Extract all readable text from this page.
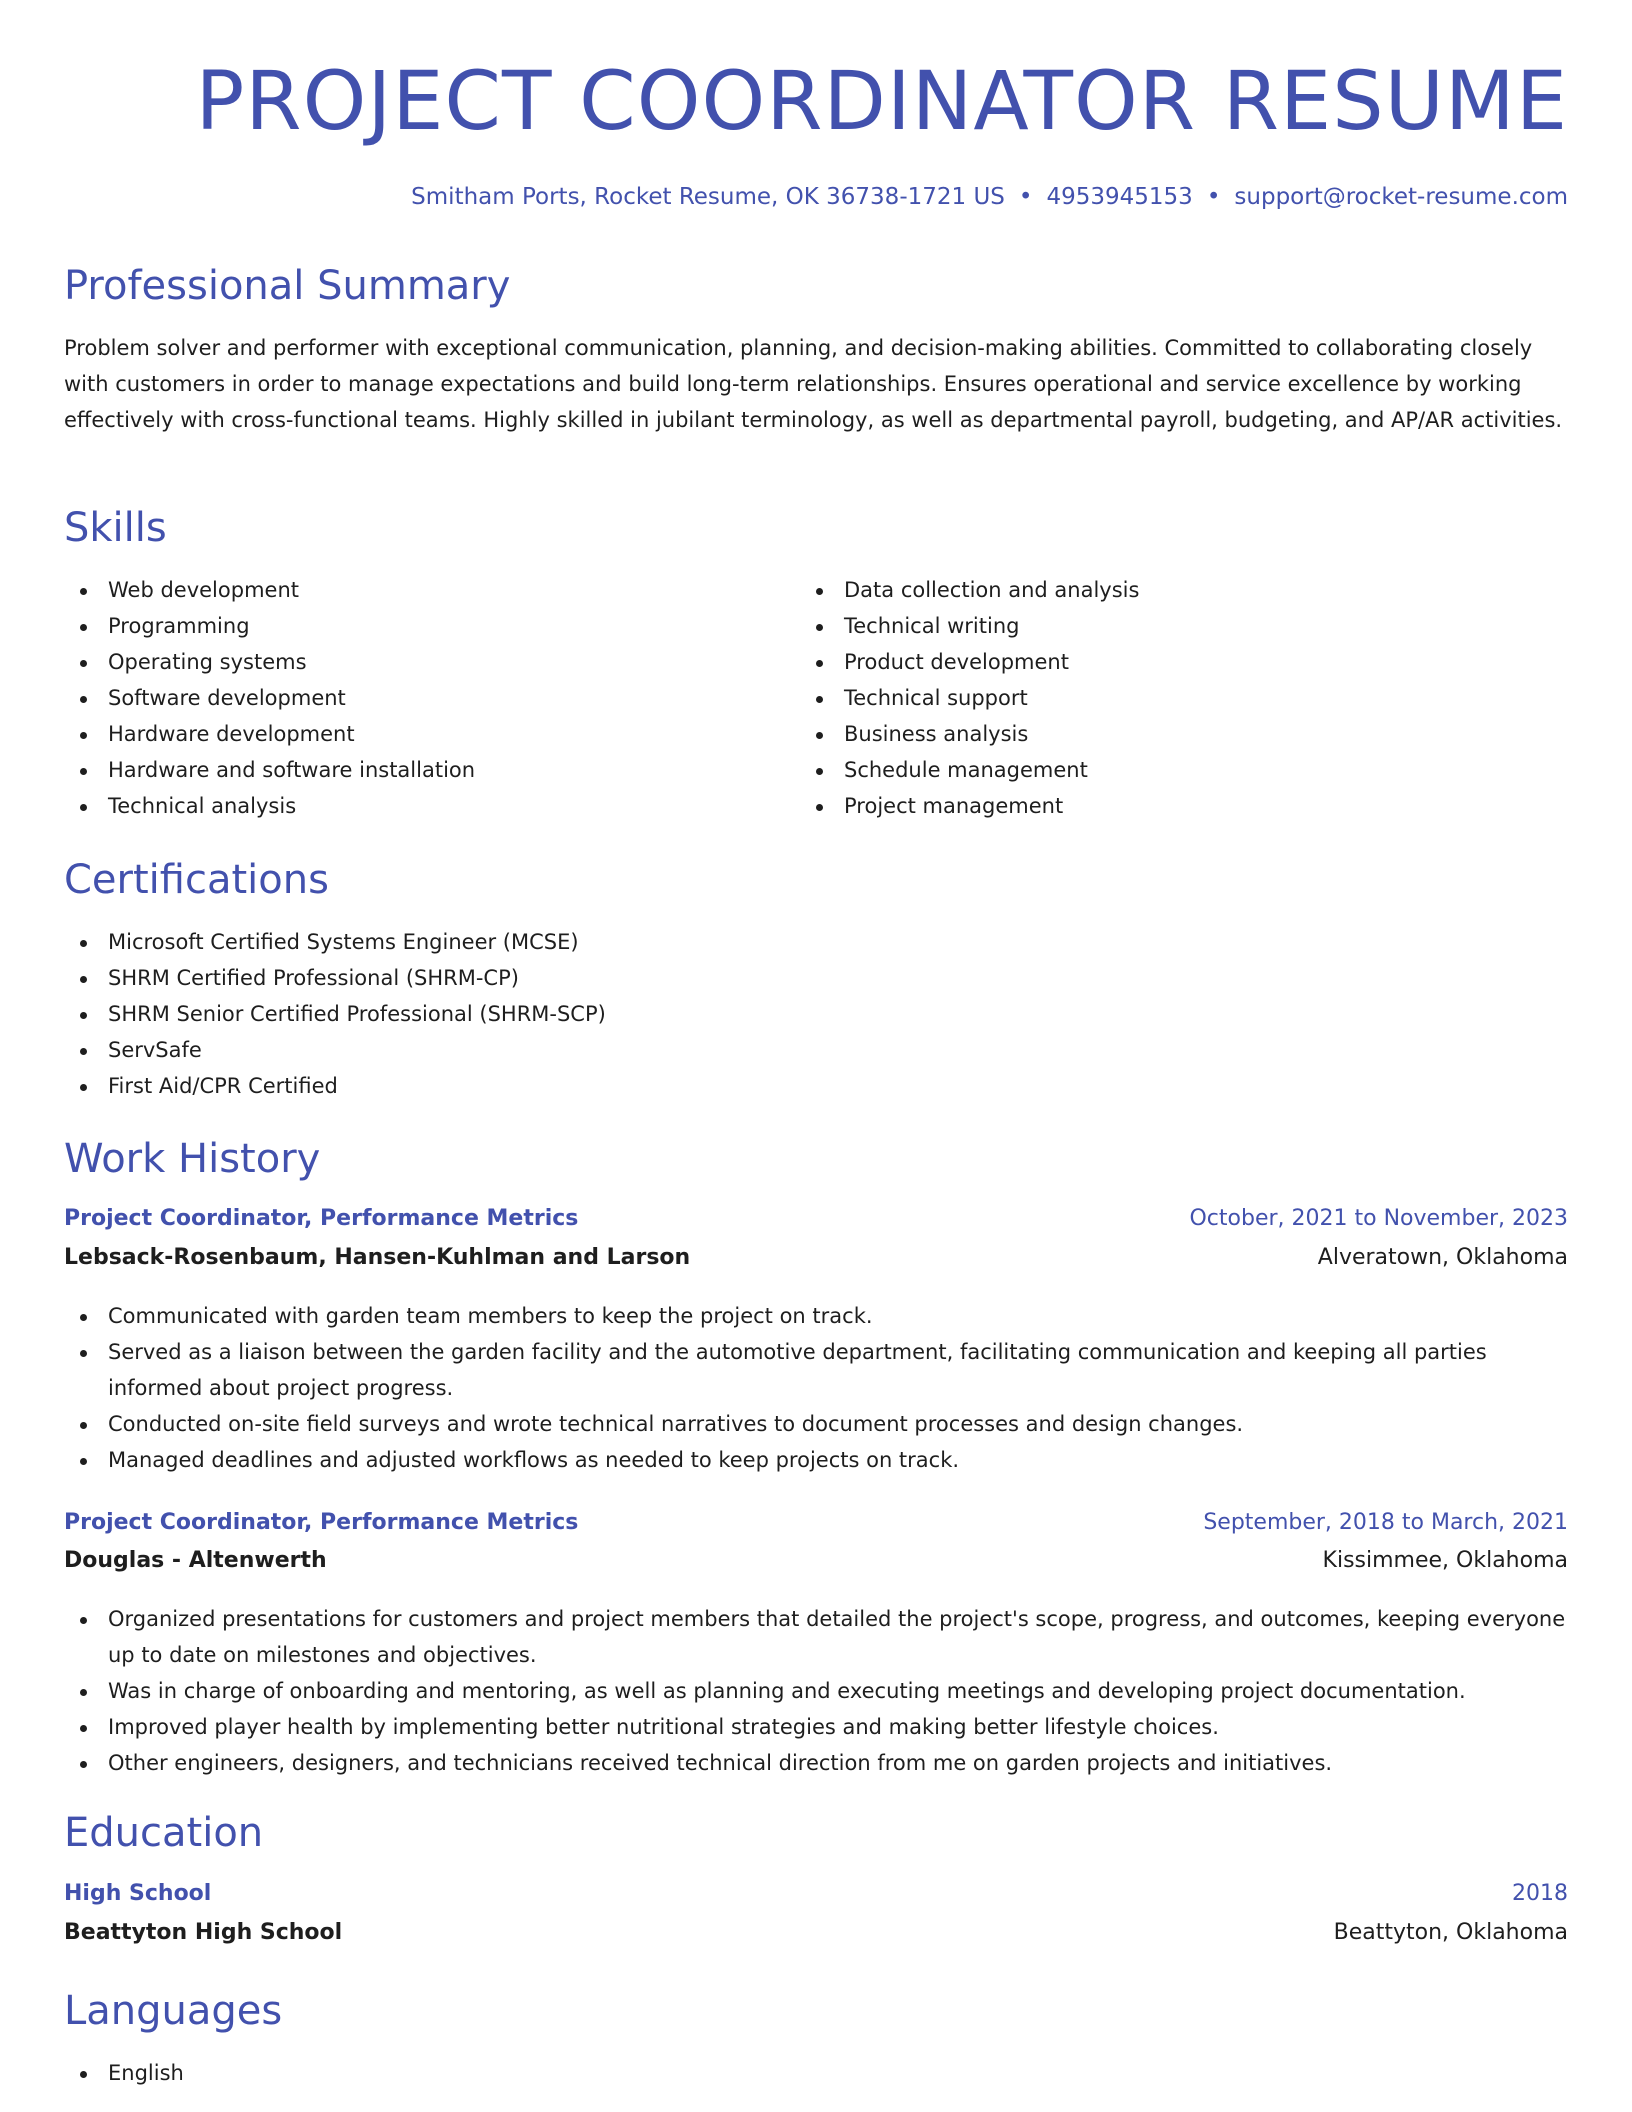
PROJECT COORDINATOR RESUME
Smitham Ports, Rocket Resume, OK 36738-1721 US • 4953945153 • support@rocket-resume.com
Professional Summary

Problem solver and performer with exceptional communication, planning, and decision-making abilities. Committed to collaborating closely with customers in order to manage expectations and build long-term relationships. Ensures operational and service excellence by working effectively with cross-functional teams. Highly skilled in jubilant terminology, as well as departmental payroll, budgeting, and AP/AR activities.

Skills
Web development
Programming
Operating systems
Software development
Hardware development
Hardware and software installation
Technical analysis
Data collection and analysis
Technical writing
Product development
Technical support
Business analysis
Schedule management
Project management
Certifications
Microsoft Certified Systems Engineer (MCSE)
SHRM Certified Professional (SHRM-CP)
SHRM Senior Certified Professional (SHRM-SCP)
ServSafe
First Aid/CPR Certified
Work History
Project Coordinator, Performance Metrics	October, 2021 to November, 2023
Lebsack-Rosenbaum, Hansen-Kuhlman and Larson	Alveratown, Oklahoma
Communicated with garden team members to keep the project on track.
Served as a liaison between the garden facility and the automotive department, facilitating communication and keeping all parties informed about project progress.
Conducted on-site field surveys and wrote technical narratives to document processes and design changes.
Managed deadlines and adjusted workflows as needed to keep projects on track.
Project Coordinator, Performance Metrics	September, 2018 to March, 2021
Douglas - Altenwerth	Kissimmee, Oklahoma
Organized presentations for customers and project members that detailed the project's scope, progress, and outcomes, keeping everyone up to date on milestones and objectives.
Was in charge of onboarding and mentoring, as well as planning and executing meetings and developing project documentation.
Improved player health by implementing better nutritional strategies and making better lifestyle choices.
Other engineers, designers, and technicians received technical direction from me on garden projects and initiatives.
Education
High School	2018
Beattyton High School	Beattyton, Oklahoma
Languages
English
